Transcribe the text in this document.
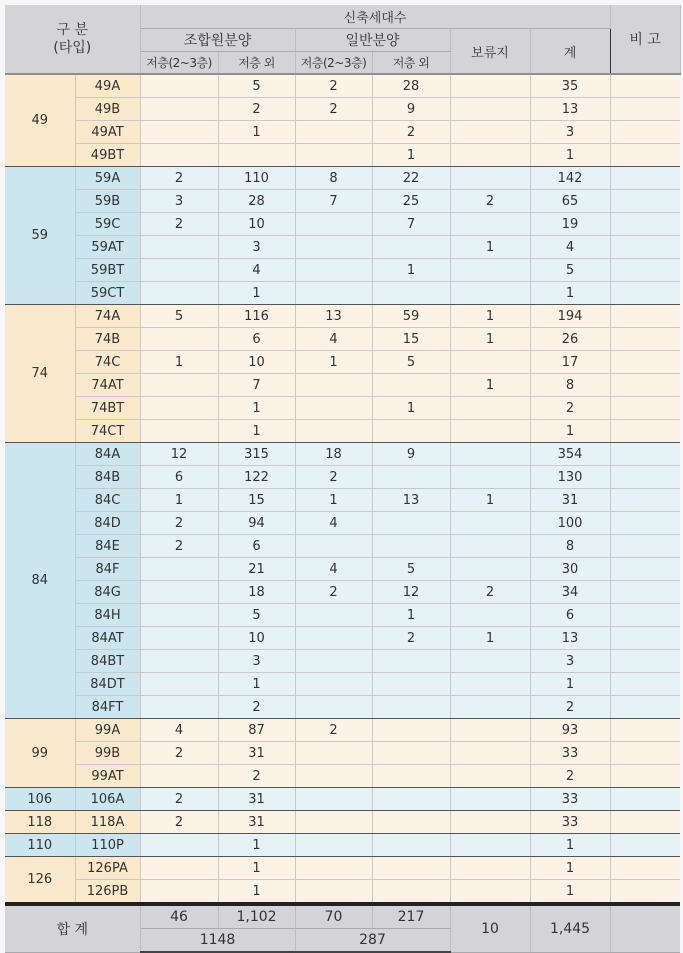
구 분
(타입)		신축세대수						비 고
		조합원분양		일반분양		보류지	계	
		저층(2~3층)	저층 외	저층(2~3층)	저층 외			
49	49A		5	2	28		35	
	49B		2	2	9		13	
	49AT		1		2		3	
	49BT				1		1	
59	59A	2	110	8	22		142	
	59B	3	28	7	25	2	65	
	59C	2	10		7		19	
	59AT		3			1	4	
	59BT		4		1		5	
	59CT		1				1	
74	74A	5	116	13	59	1	194	
	74B		6	4	15	1	26	
	74C	1	10	1	5		17	
	74AT		7			1	8	
	74BT		1		1		2	
	74CT		1				1	
84	84A	12	315	18	9		354	
	84B	6	122	2			130	
	84C	1	15	1	13	1	31	
	84D	2	94	4			100	
	84E	2	6				8	
	84F		21	4	5		30	
	84G		18	2	12	2	34	
	84H		5		1		6	
	84AT		10		2	1	13	
	84BT		3				3	
	84DT		1				1	
	84FT		2				2	
99	99A	4	87	2			93	
	99B	2	31				33	
	99AT		2				2	
106	106A	2	31				33	
118	118A	2	31				33	
110	110P		1				1	
126	126PA		1				1	
	126PB		1				1	
합 계		46	1,102	70	217	10	1,445	
		1148		287				
